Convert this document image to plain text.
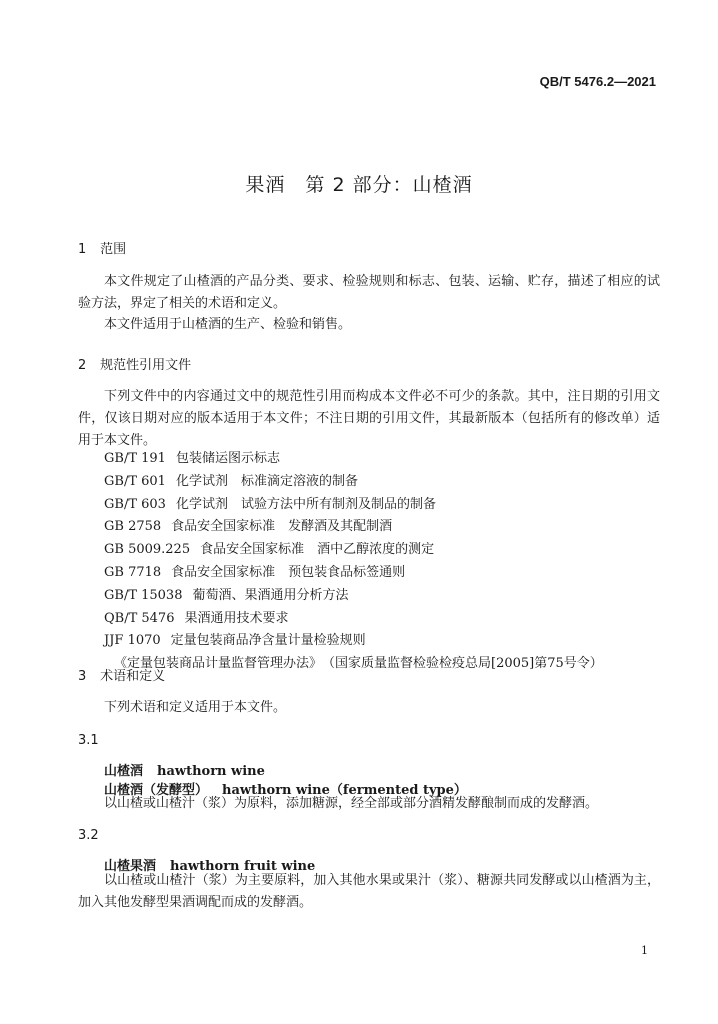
QB/T 5476.2—2021
果酒　第 2 部分：山楂酒
1 范围
本文件规定了山楂酒的产品分类、要求、检验规则和标志、包装、运输、贮存，描述了相应的试验方法，界定了相关的术语和定义。
本文件适用于山楂酒的生产、检验和销售。
2 规范性引用文件
下列文件中的内容通过文中的规范性引用而构成本文件必不可少的条款。其中，注日期的引用文件，仅该日期对应的版本适用于本文件；不注日期的引用文件，其最新版本（包括所有的修改单）适用于本文件。
GB/T 191 包装储运图示标志
GB/T 601 化学试剂　标准滴定溶液的制备
GB/T 603 化学试剂　试验方法中所有制剂及制品的制备
GB 2758 食品安全国家标准　发酵酒及其配制酒
GB 5009.225 食品安全国家标准　酒中乙醇浓度的测定
GB 7718 食品安全国家标准　预包装食品标签通则
GB/T 15038 葡萄酒、果酒通用分析方法
QB/T 5476 果酒通用技术要求
JJF 1070 定量包装商品净含量计量检验规则
《定量包装商品计量监督管理办法》（国家质量监督检验检疫总局[2005]第75号令）
3 术语和定义
下列术语和定义适用于本文件。
3.1
山楂酒 hawthorn wine
山楂酒（发酵型） hawthorn wine（fermented type）
以山楂或山楂汁（浆）为原料，添加糖源，经全部或部分酒精发酵酿制而成的发酵酒。
3.2
山楂果酒 hawthorn fruit wine
以山楂或山楂汁（浆）为主要原料，加入其他水果或果汁（浆）、糖源共同发酵或以山楂酒为主，加入其他发酵型果酒调配而成的发酵酒。
1
